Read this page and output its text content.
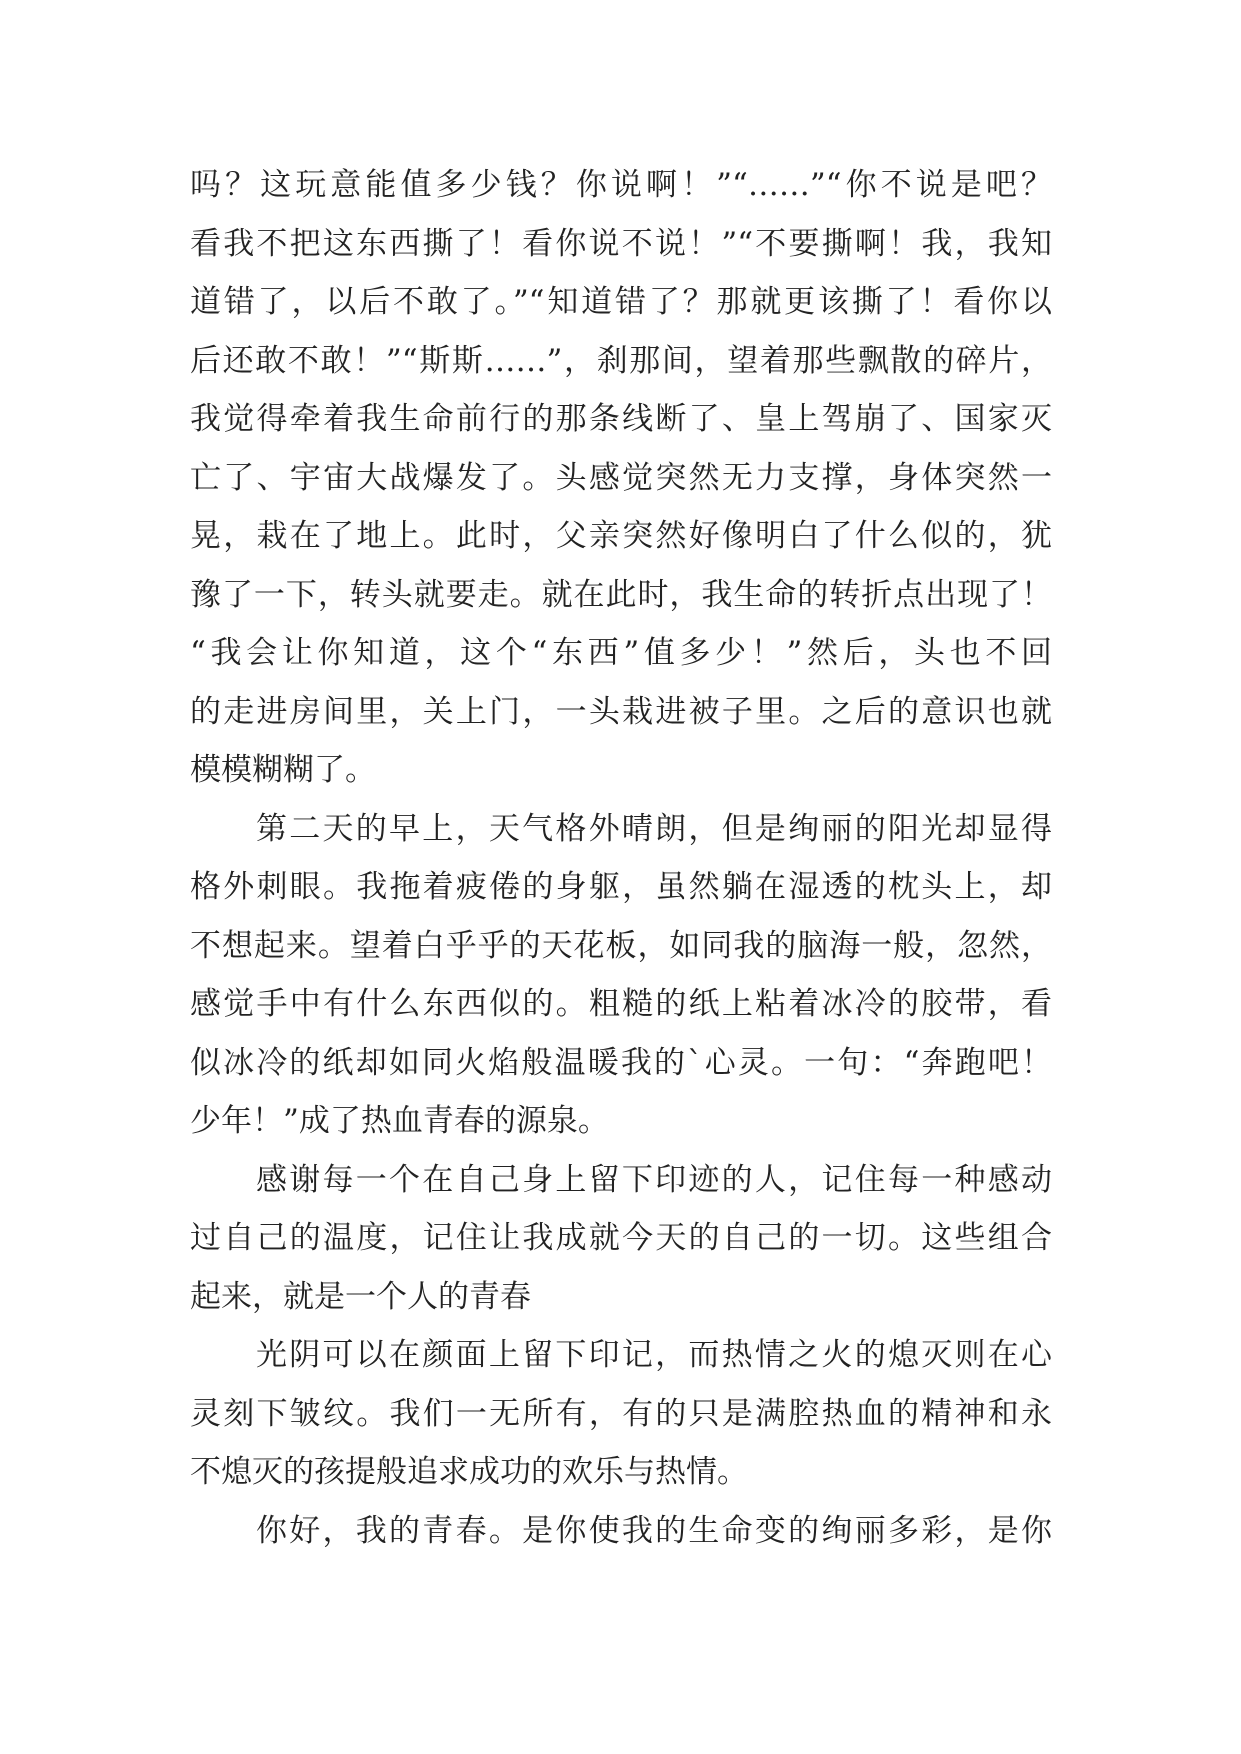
吗？这玩意能值多少钱？你说啊！”“……”“你不说是吧？
看我不把这东西撕了！看你说不说！”“不要撕啊！我，我知
道错了，以后不敢了。”“知道错了？那就更该撕了！看你以
后还敢不敢！”“斯斯……”，刹那间，望着那些飘散的碎片，
我觉得牵着我生命前行的那条线断了、皇上驾崩了、国家灭
亡了、宇宙大战爆发了。头感觉突然无力支撑，身体突然一
晃，栽在了地上。此时，父亲突然好像明白了什么似的，犹
豫了一下，转头就要走。就在此时，我生命的转折点出现了！
“我会让你知道，这个“东西”值多少！”然后，头也不回
的走进房间里，关上门，一头栽进被子里。之后的意识也就
模模糊糊了。
第二天的早上，天气格外晴朗，但是绚丽的阳光却显得
格外刺眼。我拖着疲倦的身躯，虽然躺在湿透的枕头上，却
不想起来。望着白乎乎的天花板，如同我的脑海一般，忽然，
感觉手中有什么东西似的。粗糙的纸上粘着冰冷的胶带，看
似冰冷的纸却如同火焰般温暖我的`心灵。一句：“奔跑吧！
少年！”成了热血青春的源泉。
感谢每一个在自己身上留下印迹的人，记住每一种感动
过自己的温度，记住让我成就今天的自己的一切。这些组合
起来，就是一个人的青春
光阴可以在颜面上留下印记，而热情之火的熄灭则在心
灵刻下皱纹。我们一无所有，有的只是满腔热血的精神和永
不熄灭的孩提般追求成功的欢乐与热情。
你好，我的青春。是你使我的生命变的绚丽多彩，是你
